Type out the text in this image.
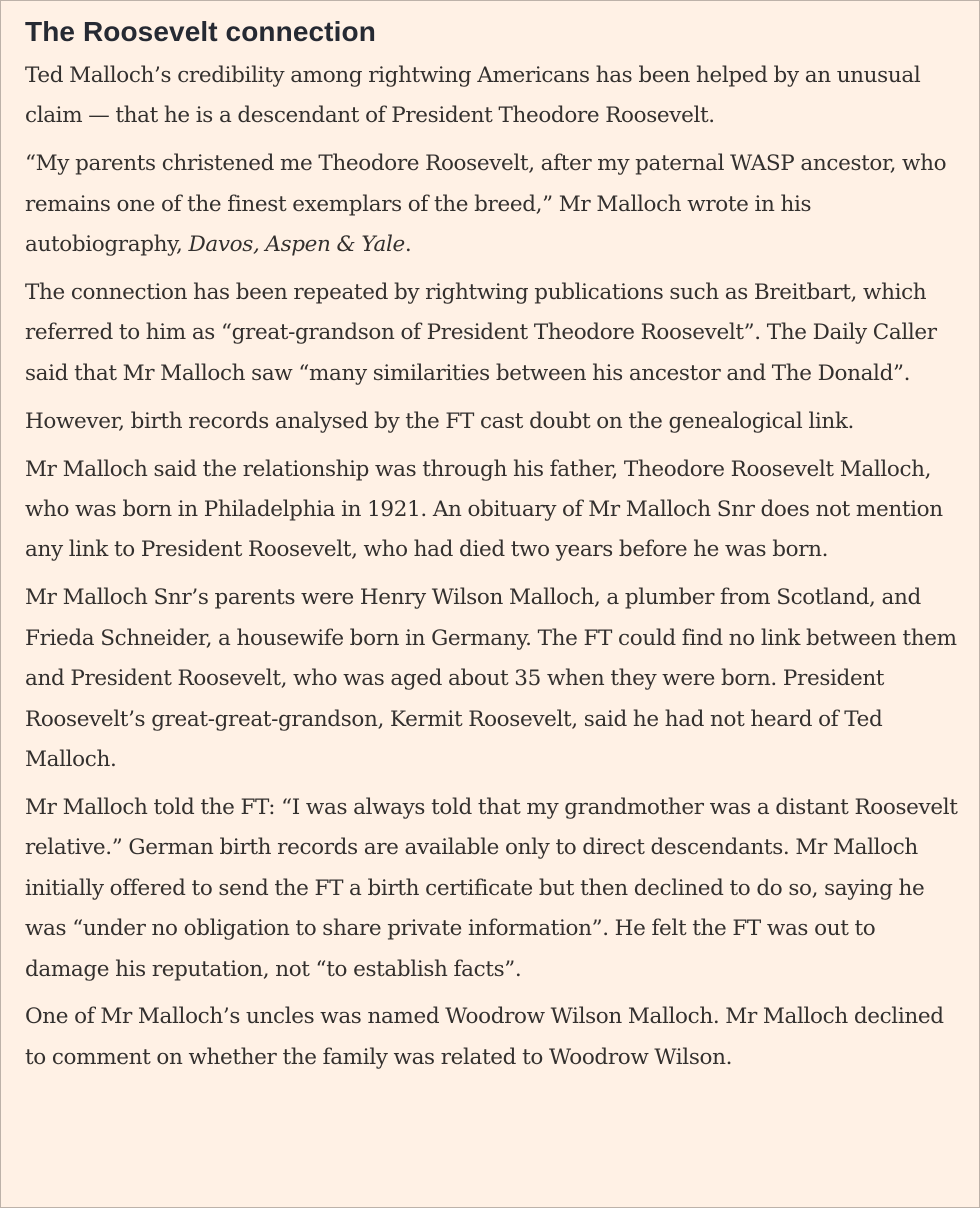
The Roosevelt connection

Ted Malloch’s credibility among rightwing Americans has been helped by an unusual claim — that he is a descendant of President Theodore Roosevelt.

“My parents christened me Theodore Roosevelt, after my paternal WASP ancestor, who remains one of the finest exemplars of the breed,” Mr Malloch wrote in his autobiography, Davos, Aspen & Yale.

The connection has been repeated by rightwing publications such as Breitbart, which referred to him as “great-grandson of President Theodore Roosevelt”. The Daily Caller said that Mr Malloch saw “many similarities between his ancestor and The Donald”.

However, birth records analysed by the FT cast doubt on the genealogical link.

Mr Malloch said the relationship was through his father, Theodore Roosevelt Malloch, who was born in Philadelphia in 1921. An obituary of Mr Malloch Snr does not mention any link to President Roosevelt, who had died two years before he was born.

Mr Malloch Snr’s parents were Henry Wilson Malloch, a plumber from Scotland, and Frieda Schneider, a housewife born in Germany. The FT could find no link between them and President Roosevelt, who was aged about 35 when they were born. President Roosevelt’s great-great-grandson, Kermit Roosevelt, said he had not heard of Ted Malloch.

Mr Malloch told the FT: “I was always told that my grandmother was a distant Roosevelt relative.” German birth records are available only to direct descendants. Mr Malloch initially offered to send the FT a birth certificate but then declined to do so, saying he was “under no obligation to share private information”. He felt the FT was out to damage his reputation, not “to establish facts”.

One of Mr Malloch’s uncles was named Woodrow Wilson Malloch. Mr Malloch declined to comment on whether the family was related to Woodrow Wilson.
